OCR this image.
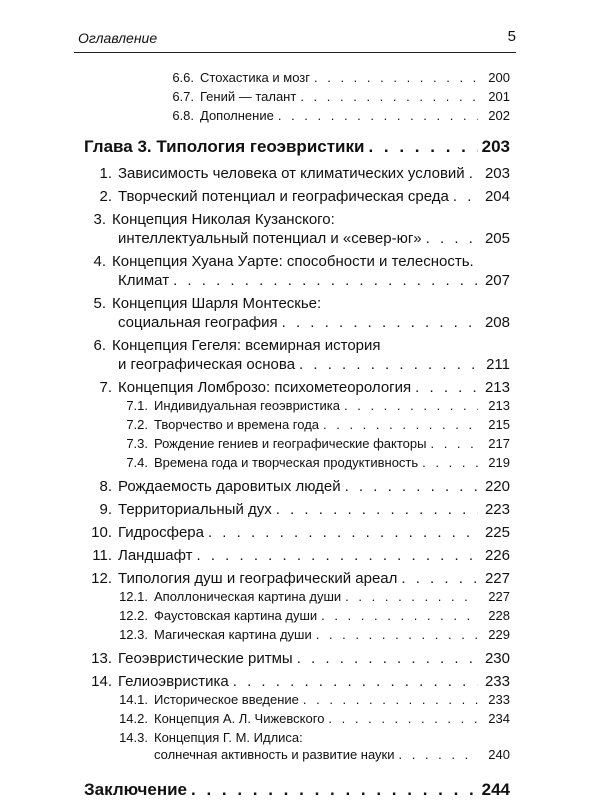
Оглавление	5
6.6. Стохастика и мозг . . .	200
6.7. Гений — талант . . .	201
6.8. Дополнение . . .	202
Глава 3. Типология геоэвристики . . .	203
1. Зависимость человека от климатических условий . . . 203
2. Творческий потенциал и географическая среда . . . 204
3. Концепция Николая Кузанского:
интеллектуальный потенциал и «север-юг» . . .	205
4. Концепция Хуана Уарте: способности и телесность.
Климат . . .	207
5. Концепция Шарля Монтескье:
социальная география . . .	208
6. Концепция Гегеля: всемирная история
и географическая основа . . .	211
7. Концепция Ломброзо: психометеорология . . .	213
7.1. Индивидуальная геоэвристика . . .	213
7.2. Творчество и времена года . . .	215
7.3. Рождение гениев и географические факторы . . .	217
7.4. Времена года и творческая продуктивность . . .	219
8. Рождаемость даровитых людей . . .	220
9. Территориальный дух . . .	223
10. Гидросфера . . .	225
11. Ландшафт . . .	226
12. Типология душ и географический ареал . . .	227
12.1. Аполлоническая картина души . . .	227
12.2. Фаустовская картина души . . .	228
12.3. Магическая картина души . . .	229
13. Геоэвристические ритмы . . .	230
14. Гелиоэвристика . . .	233
14.1. Историческое введение . . .	233
14.2. Концепция А. Л. Чижевского . . .	234
14.3. Концепция Г. М. Идлиса:
солнечная активность и развитие науки . . .	240
Заключение . . .	244
